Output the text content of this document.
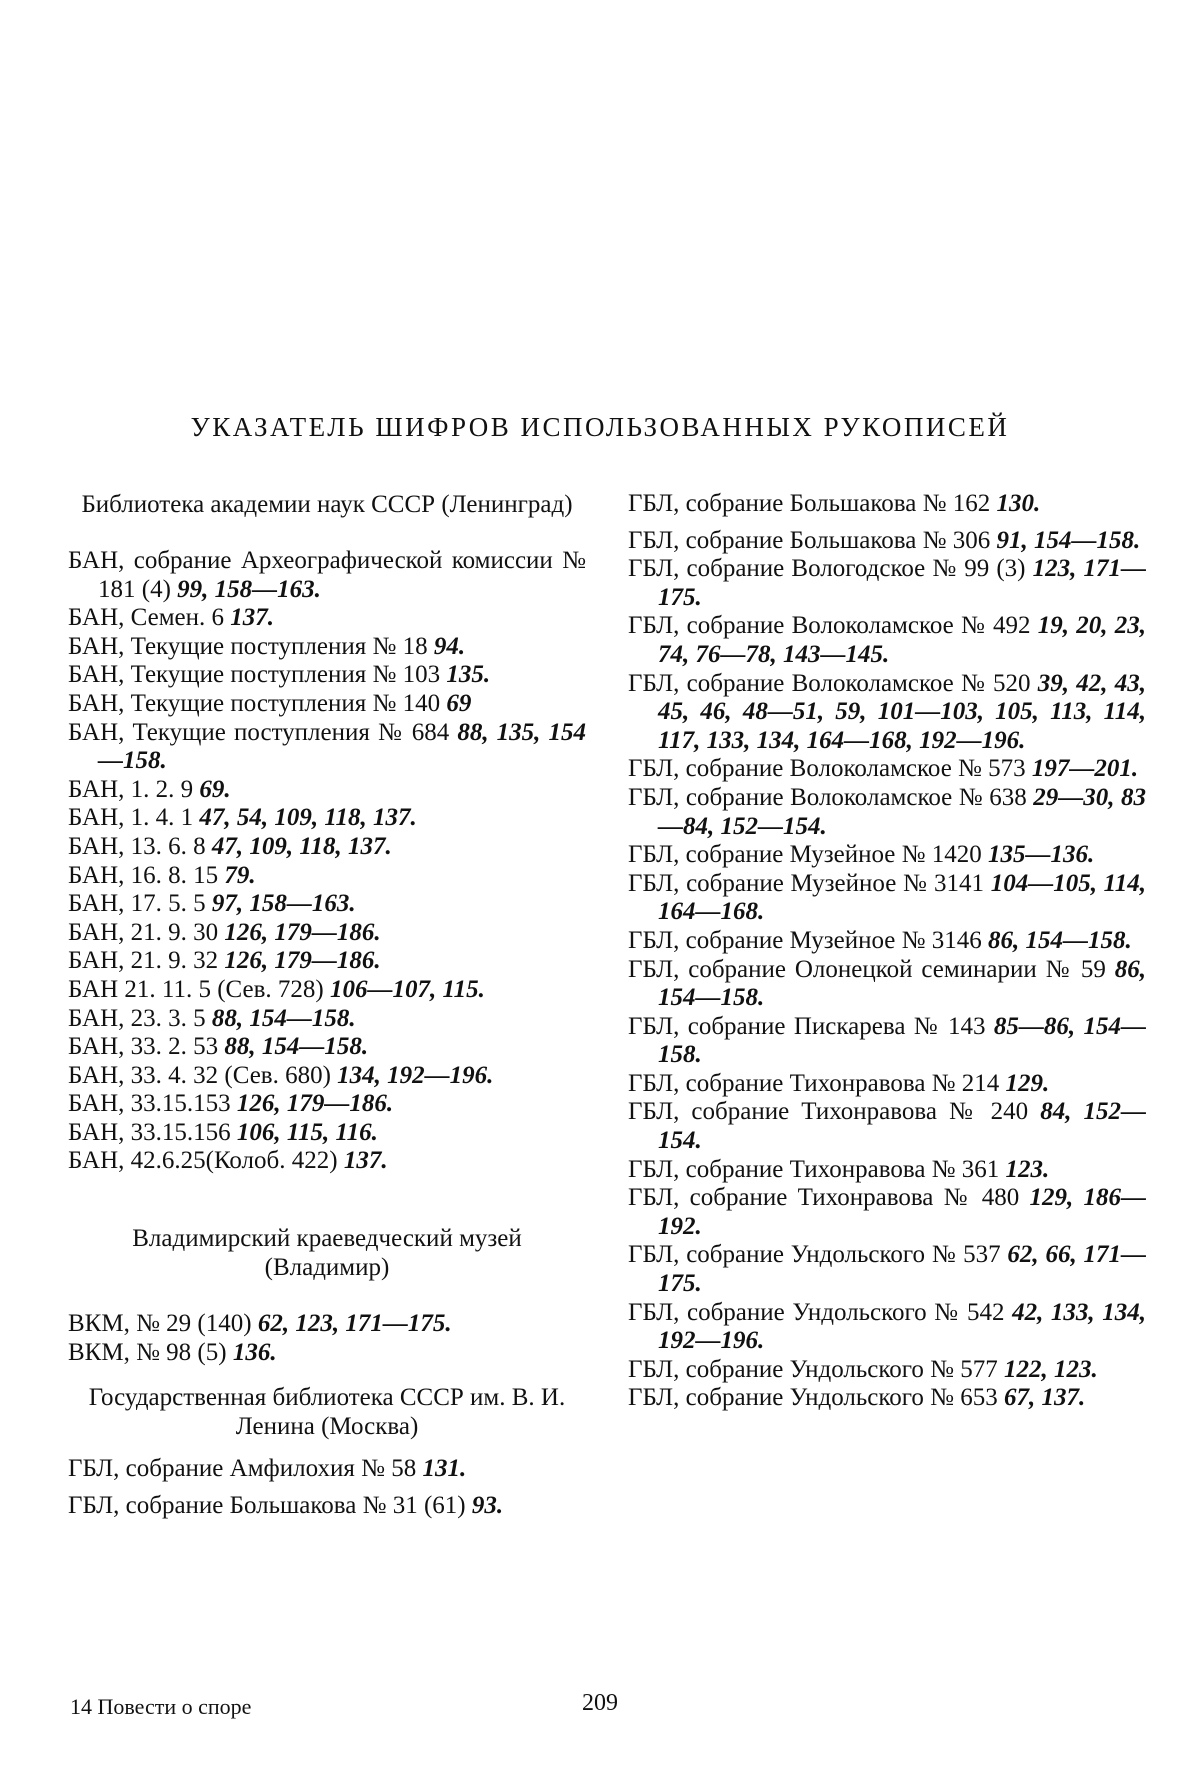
УКАЗАТЕЛЬ ШИФРОВ ИСПОЛЬЗОВАННЫХ РУКОПИСЕЙ

Библиотека академии наук СССР (Ленинград)

БАН, собрание Археографической комиссии № 181 (4) 99, 158—163.

БАН, Семен. 6 137.

БАН, Текущие поступления № 18 94.

БАН, Текущие поступления № 103 135.

БАН, Текущие поступления № 140 69

БАН, Текущие поступления № 684 88, 135, 154—158.

БАН, 1. 2. 9 69.

БАН, 1. 4. 1 47, 54, 109, 118, 137.

БАН, 13. 6. 8 47, 109, 118, 137.

БАН, 16. 8. 15 79.

БАН, 17. 5. 5 97, 158—163.

БАН, 21. 9. 30 126, 179—186.

БАН, 21. 9. 32 126, 179—186.

БАН 21. 11. 5 (Сев. 728) 106—107, 115.

БАН, 23. 3. 5 88, 154—158.

БАН, 33. 2. 53 88, 154—158.

БАН, 33. 4. 32 (Сев. 680) 134, 192—196.

БАН, 33.15.153 126, 179—186.

БАН, 33.15.156 106, 115, 116.

БАН, 42.6.25(Колоб. 422) 137.

Владимирский краеведческий музей (Владимир)

ВКМ, № 29 (140) 62, 123, 171—175.

ВКМ, № 98 (5) 136.

Государственная библиотека СССР им. В. И. Ленина (Москва)

ГБЛ, собрание Амфилохия № 58 131.

ГБЛ, собрание Большакова № 31 (61) 93.

ГБЛ, собрание Большакова № 162 130.

ГБЛ, собрание Большакова № 306 91, 154—158.

ГБЛ, собрание Вологодское № 99 (3) 123, 171—175.

ГБЛ, собрание Волоколамское № 492 19, 20, 23, 74, 76—78, 143—145.

ГБЛ, собрание Волоколамское № 520 39, 42, 43, 45, 46, 48—51, 59, 101—103, 105, 113, 114, 117, 133, 134, 164—168, 192—196.

ГБЛ, собрание Волоколамское № 573 197—201.

ГБЛ, собрание Волоколамское № 638 29—30, 83—84, 152—154.

ГБЛ, собрание Музейное № 1420 135—136.

ГБЛ, собрание Музейное № 3141 104—105, 114, 164—168.

ГБЛ, собрание Музейное № 3146 86, 154—158.

ГБЛ, собрание Олонецкой семинарии № 59 86, 154—158.

ГБЛ, собрание Пискарева № 143 85—86, 154—158.

ГБЛ, собрание Тихонравова № 214 129.

ГБЛ, собрание Тихонравова № 240 84, 152—154.

ГБЛ, собрание Тихонравова № 361 123.

ГБЛ, собрание Тихонравова № 480 129, 186—192.

ГБЛ, собрание Ундольского № 537 62, 66, 171—175.

ГБЛ, собрание Ундольского № 542 42, 133, 134, 192—196.

ГБЛ, собрание Ундольского № 577 122, 123.

ГБЛ, собрание Ундольского № 653 67, 137.

14 Повести о споре	209
